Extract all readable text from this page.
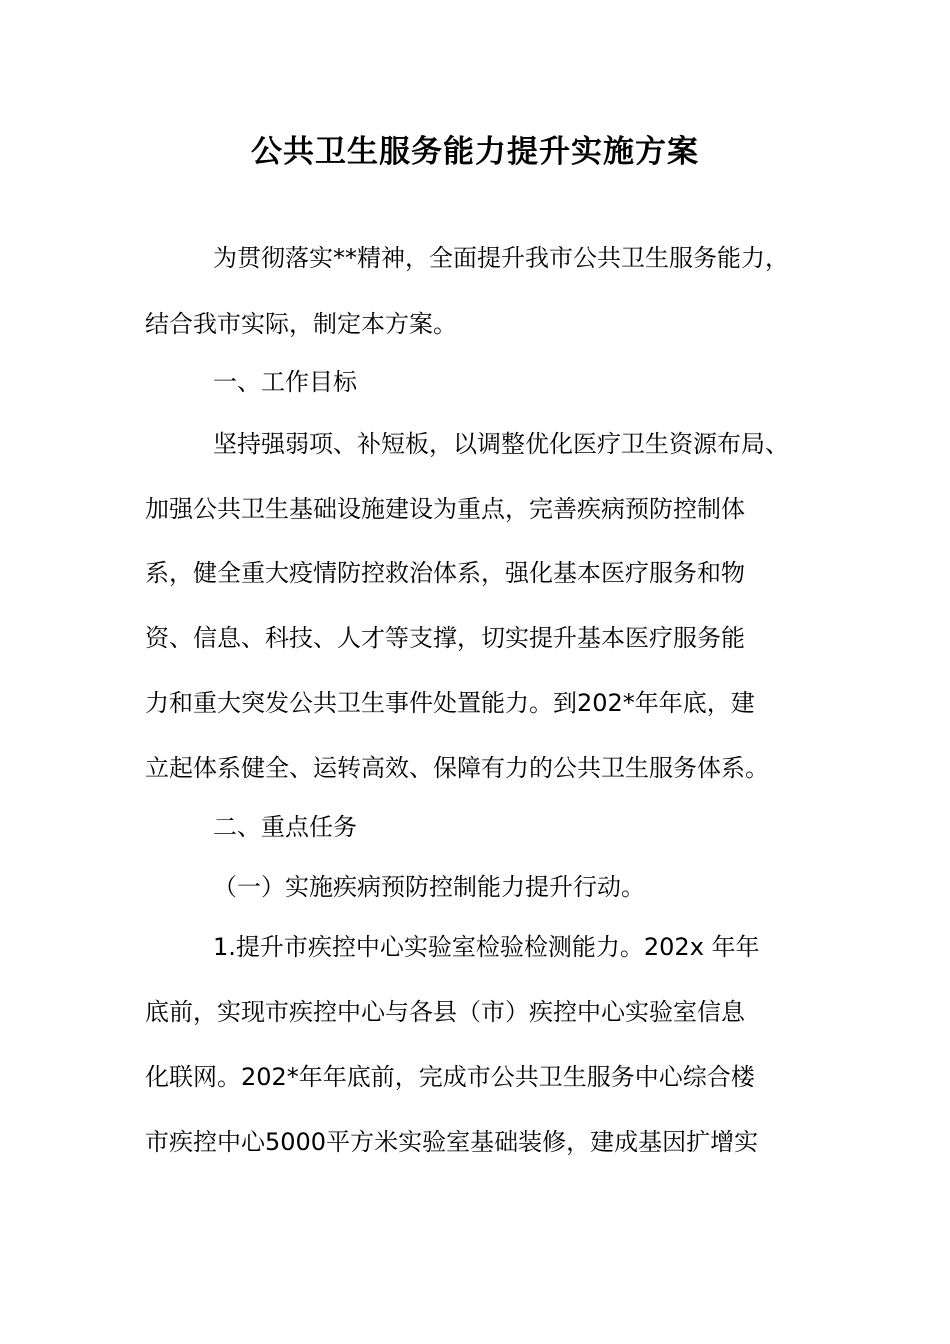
公共卫生服务能力提升实施方案

为贯彻落实**精神，全面提升我市公共卫生服务能力，

结合我市实际，制定本方案。

一、工作目标

坚持强弱项、补短板，以调整优化医疗卫生资源布局、

加强公共卫生基础设施建设为重点，完善疾病预防控制体

系，健全重大疫情防控救治体系，强化基本医疗服务和物

资、信息、科技、人才等支撑，切实提升基本医疗服务能

力和重大突发公共卫生事件处置能力。到202*年年底，建

立起体系健全、运转高效、保障有力的公共卫生服务体系。

二、重点任务

（一）实施疾病预防控制能力提升行动。

1.提升市疾控中心实验室检验检测能力。202x 年年

底前，实现市疾控中心与各县（市）疾控中心实验室信息

化联网。202*年年底前，完成市公共卫生服务中心综合楼

市疾控中心5000平方米实验室基础装修，建成基因扩增实
